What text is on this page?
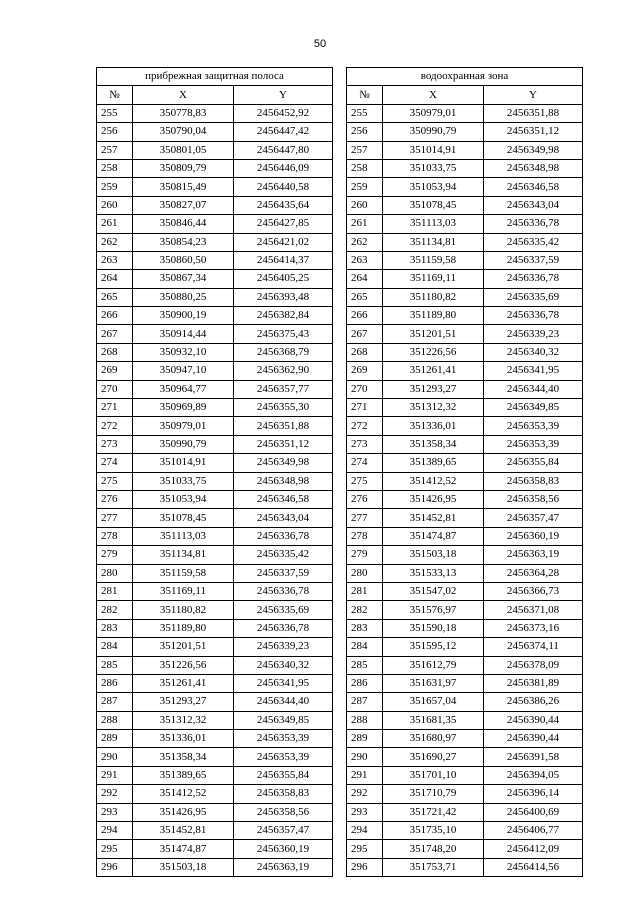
50
прибрежная защитная полоса				водоохранная зона		
№	X	Y		№	X	Y
255	350778,83	2456452,92		255	350979,01	2456351,88
256	350790,04	2456447,42		256	350990,79	2456351,12
257	350801,05	2456447,80		257	351014,91	2456349,98
258	350809,79	2456446,09		258	351033,75	2456348,98
259	350815,49	2456440,58		259	351053,94	2456346,58
260	350827,07	2456435,64		260	351078,45	2456343,04
261	350846,44	2456427,85		261	351113,03	2456336,78
262	350854,23	2456421,02		262	351134,81	2456335,42
263	350860,50	2456414,37		263	351159,58	2456337,59
264	350867,34	2456405,25		264	351169,11	2456336,78
265	350880,25	2456393,48		265	351180,82	2456335,69
266	350900,19	2456382,84		266	351189,80	2456336,78
267	350914,44	2456375,43		267	351201,51	2456339,23
268	350932,10	2456368,79		268	351226,56	2456340,32
269	350947,10	2456362,90		269	351261,41	2456341,95
270	350964,77	2456357,77		270	351293,27	2456344,40
271	350969,89	2456355,30		271	351312,32	2456349,85
272	350979,01	2456351,88		272	351336,01	2456353,39
273	350990,79	2456351,12		273	351358,34	2456353,39
274	351014,91	2456349,98		274	351389,65	2456355,84
275	351033,75	2456348,98		275	351412,52	2456358,83
276	351053,94	2456346,58		276	351426,95	2456358,56
277	351078,45	2456343,04		277	351452,81	2456357,47
278	351113,03	2456336,78		278	351474,87	2456360,19
279	351134,81	2456335,42		279	351503,18	2456363,19
280	351159,58	2456337,59		280	351533,13	2456364,28
281	351169,11	2456336,78		281	351547,02	2456366,73
282	351180,82	2456335,69		282	351576,97	2456371,08
283	351189,80	2456336,78		283	351590,18	2456373,16
284	351201,51	2456339,23		284	351595,12	2456374,11
285	351226,56	2456340,32		285	351612,79	2456378,09
286	351261,41	2456341,95		286	351631,97	2456381,89
287	351293,27	2456344,40		287	351657,04	2456386,26
288	351312,32	2456349,85		288	351681,35	2456390,44
289	351336,01	2456353,39		289	351680,97	2456390,44
290	351358,34	2456353,39		290	351690,27	2456391,58
291	351389,65	2456355,84		291	351701,10	2456394,05
292	351412,52	2456358,83		292	351710,79	2456396,14
293	351426,95	2456358,56		293	351721,42	2456400,69
294	351452,81	2456357,47		294	351735,10	2456406,77
295	351474,87	2456360,19		295	351748,20	2456412,09
296	351503,18	2456363,19		296	351753,71	2456414,56
